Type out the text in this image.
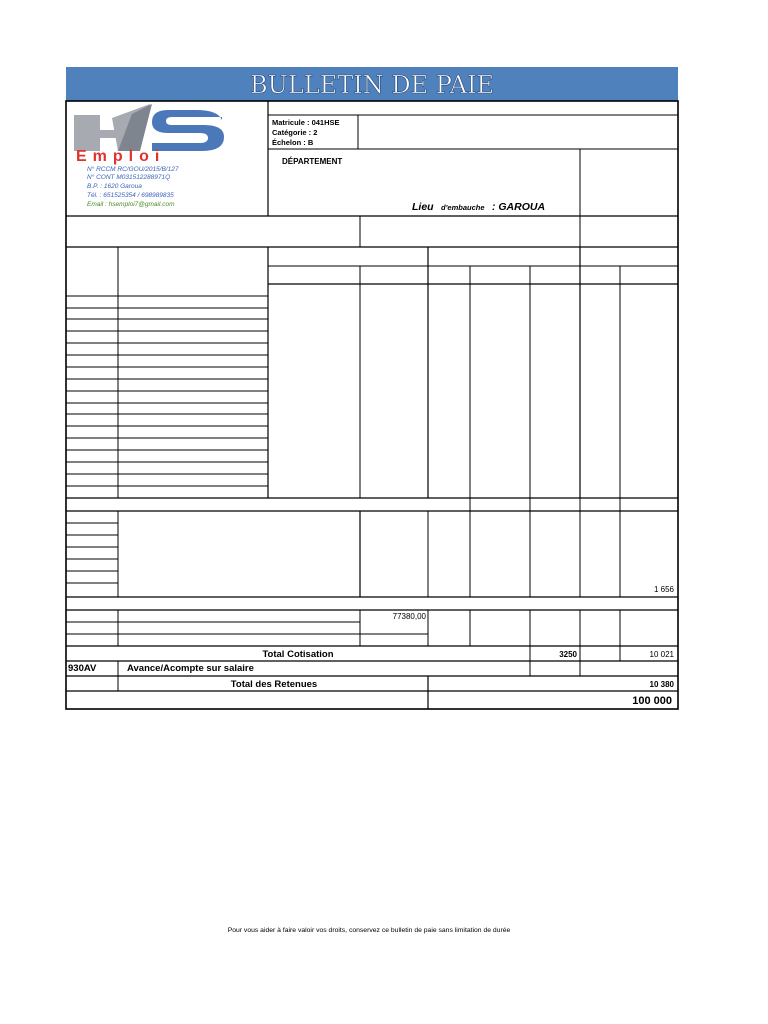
BULLETIN DE PAIE
Emploi
N° RCCM RC/GOU/2015/B/127
N° CONT M031512288971Q
B.P. : 1620 Garoua
Tél. : 651525354 / 698989835
Email : hsemploi7@gmail.com
Matricule : 041HSE
Catégorie : 2
Échelon : B
DÉPARTEMENT
Lieu d'embauche : GAROUA
1 656
77380,00
Total Cotisation	3250	10 021
930AV	Avance/Acompte sur salaire
Total des Retenues	10 380
100 000
Pour vous aider à faire valoir vos droits, conservez ce bulletin de paie sans limitation de durée
